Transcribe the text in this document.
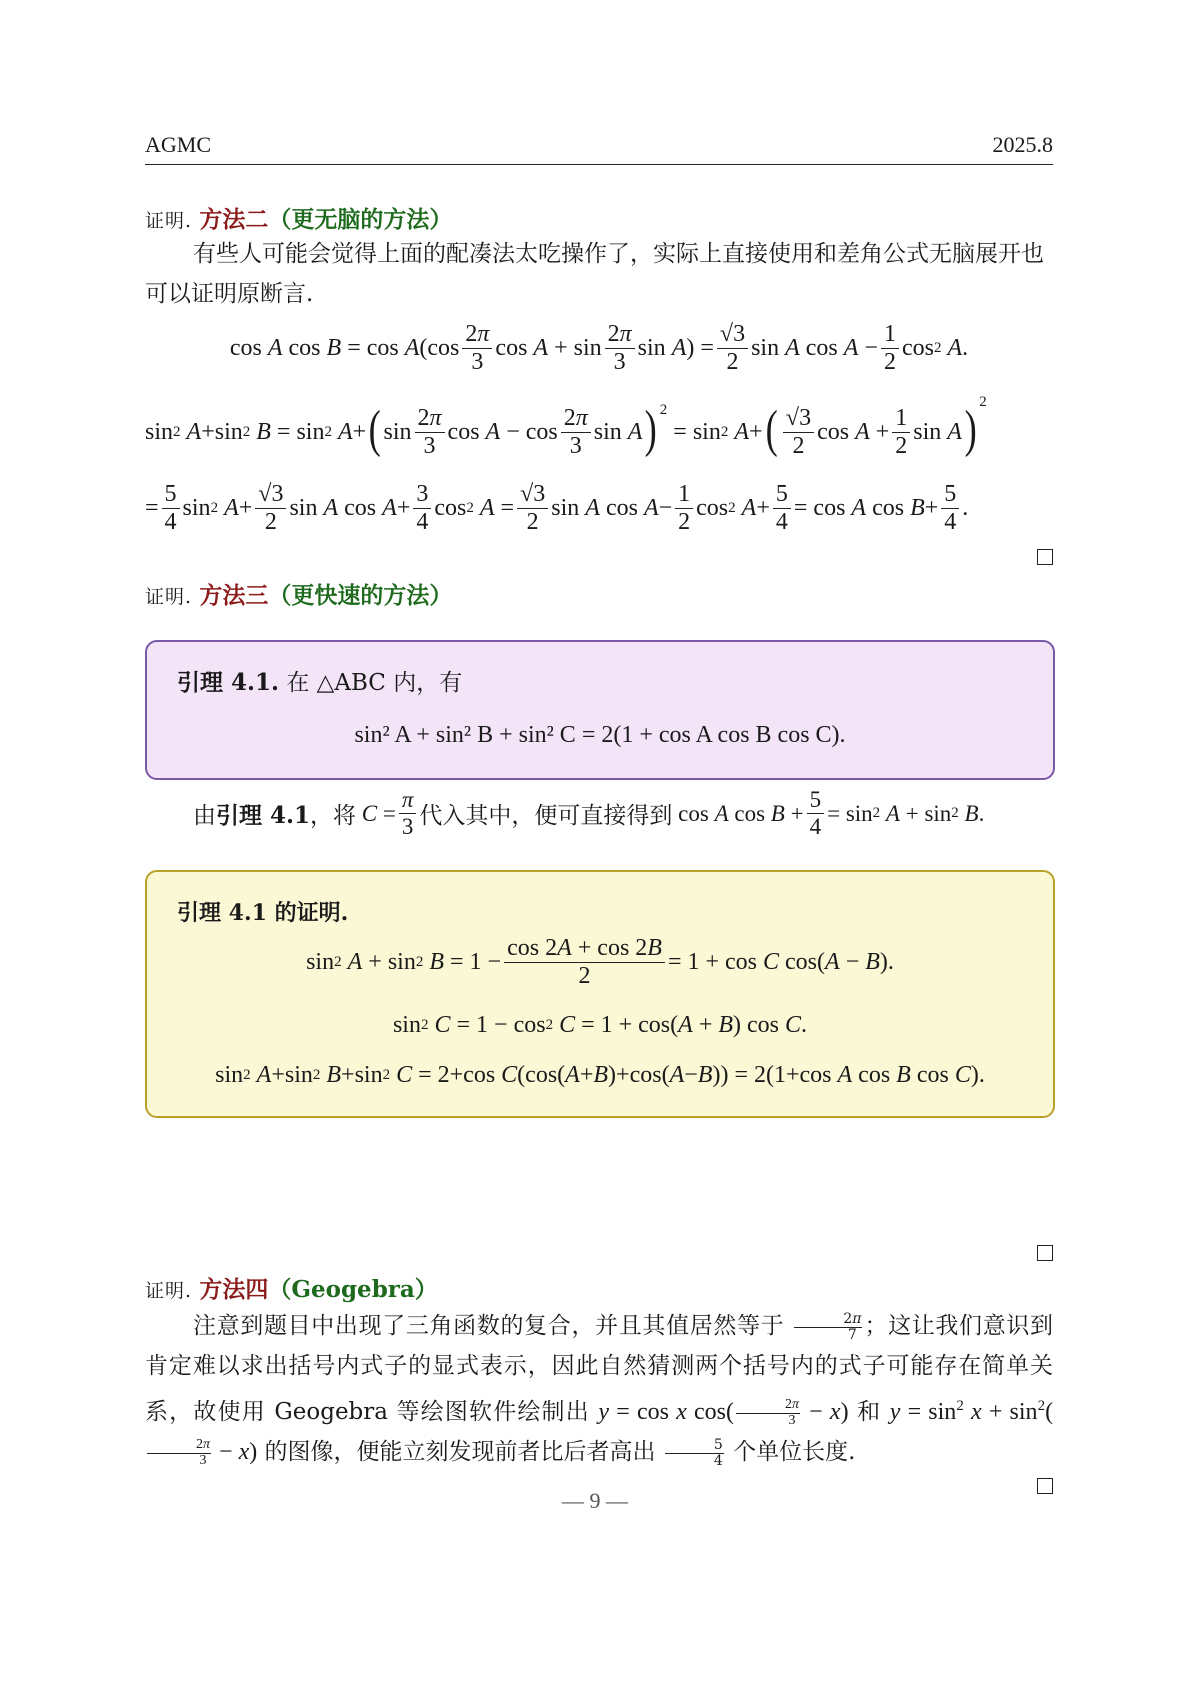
AGMC	2025.8
证明. 方法二（更无脑的方法）

有些人可能会觉得上面的配凑法太吃操作了，实际上直接使用和差角公式无脑展开也可以证明原断言.

cos A cos B = cos A ($\cos \frac{2\pi}{3}$ $\cos A + \sin \frac{2\pi}{3}$ sin A ) = $\frac{√3}{2}$ sin A $\cos A - \frac{1}{2}$ cos 2
A .
sin 2
A +sin 2
B = sin 2
A + ( $\sin \frac{2\pi}{3}$ $\cos A - \cos \frac{2\pi}{3}$ sin A )$^2$
= sin 2
A + ( $\frac{√3}{2}$ $\cos A + \frac{1}{2}$ sin A )$^2$
= $\frac{5}{4}$ sin 2
$A + \frac{√3}{2}$ sin A $\cos A + \frac{3}{4}$ cos 2
$A = \frac{√3}{2}$ sin A $\cos A - \frac{1}{2}$ cos 2
$A + \frac{5}{4} = \cos A$ $\cos B + \frac{5}{4}$ .
证明. 方法三（更快速的方法）
引理 4.1. 在 △ABC 内，有
sin² A + sin² B + sin² C = 2(1 + cos A cos B cos C).
由 引理 4.1 ，将
$C = \frac{\pi}{3}$ 代入其中，便可直接得到 cos A $\cos B + \frac{5}{4} = \sin 2$
A + sin 2
B .
引理 4.1 的证明.
sin 2
A + sin 2
$B = 1 - \frac{\cos 2A + \cos 2B}{2} = 1 + \cos C$ cos( A − B ).
sin 2
C = 1 − cos 2
C = 1 + cos( A + B ) cos C .
sin 2
A +sin 2
B +sin 2
C = 2+cos C (cos( A + B )+cos( A − B )) = 2(1+cos A cos B cos C ).
证明. 方法四（Geogebra）
注意到题目中出现了三角函数的复合，并且其值居然等于 $\frac{2\pi}{7}$ ；这让我们意识到肯定难以求出括号内式子的显式表示，因此自然猜测两个括号内的式子可能存在简单关系，故使用 Geogebra 等绘图软件绘制出 y = cos x $\cos( \frac{2\pi}{3} - x)$ 和 $y = \sin^2 x + \sin^2$(
$\frac{2\pi}{3} - x$) 的图像，便能立刻发现前者比后者高出 $\frac{5}{4}$ 个单位长度.
— 9 —
